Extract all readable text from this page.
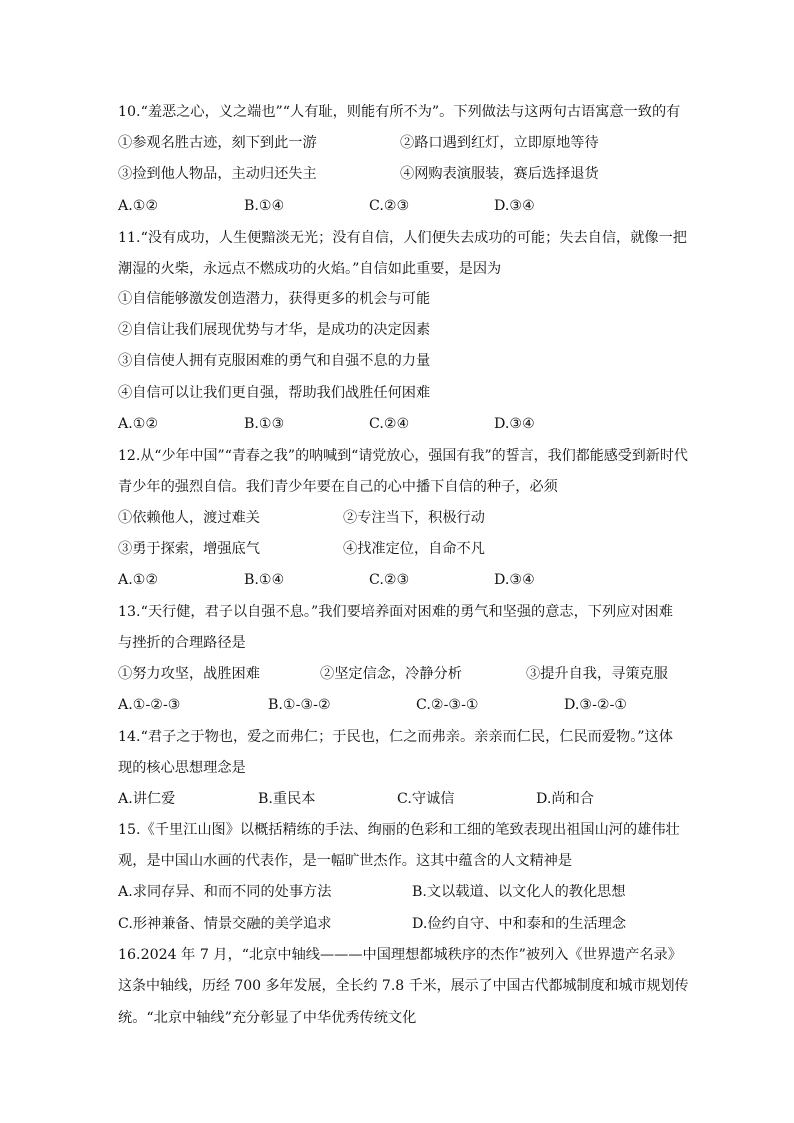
10.“羞恶之心，义之端也”“人有耻，则能有所不为”。下列做法与这两句古语寓意一致的有
①参观名胜古迹，刻下到此一游	②路口遇到红灯，立即原地等待
③捡到他人物品，主动归还失主	④网购表演服装，赛后选择退货
A.①②	B.①④	C.②③	D.③④
11.“没有成功，人生便黯淡无光；没有自信，人们便失去成功的可能；失去自信，就像一把
潮湿的火柴，永远点不燃成功的火焰。”自信如此重要，是因为
①自信能够激发创造潜力，获得更多的机会与可能
②自信让我们展现优势与才华，是成功的决定因素
③自信使人拥有克服困难的勇气和自强不息的力量
④自信可以让我们更自强，帮助我们战胜任何困难
A.①②	B.①③	C.②④	D.③④
12.从“少年中国”“青春之我”的呐喊到“请党放心，强国有我”的誓言，我们都能感受到新时代
青少年的强烈自信。我们青少年要在自己的心中播下自信的种子，必须
①依赖他人，渡过难关	②专注当下，积极行动
③勇于探索，增强底气	④找准定位，自命不凡
A.①②	B.①④	C.②③	D.③④
13.“天行健，君子以自强不息。”我们要培养面对困难的勇气和坚强的意志，下列应对困难
与挫折的合理路径是
①努力攻坚，战胜困难	②坚定信念，冷静分析	③提升自我，寻策克服
A.①-②-③	B.①-③-②	C.②-③-①	D.③-②-①
14.“君子之于物也，爱之而弗仁；于民也，仁之而弗亲。亲亲而仁民，仁民而爱物。”这体
现的核心思想理念是
A.讲仁爱	B.重民本	C.守诚信	D.尚和合
15.《千里江山图》以概括精练的手法、绚丽的色彩和工细的笔致表现出祖国山河的雄伟壮
观，是中国山水画的代表作，是一幅旷世杰作。这其中蕴含的人文精神是
A.求同存异、和而不同的处事方法	B.文以载道、以文化人的教化思想
C.形神兼备、情景交融的美学追求	D.俭约自守、中和泰和的生活理念
16.2024 年 7 月，“北京中轴线———中国理想都城秩序的杰作”被列入《世界遗产名录》
这条中轴线，历经 700 多年发展，全长约 7.8 千米，展示了中国古代都城制度和城市规划传
统。“北京中轴线”充分彰显了中华优秀传统文化
